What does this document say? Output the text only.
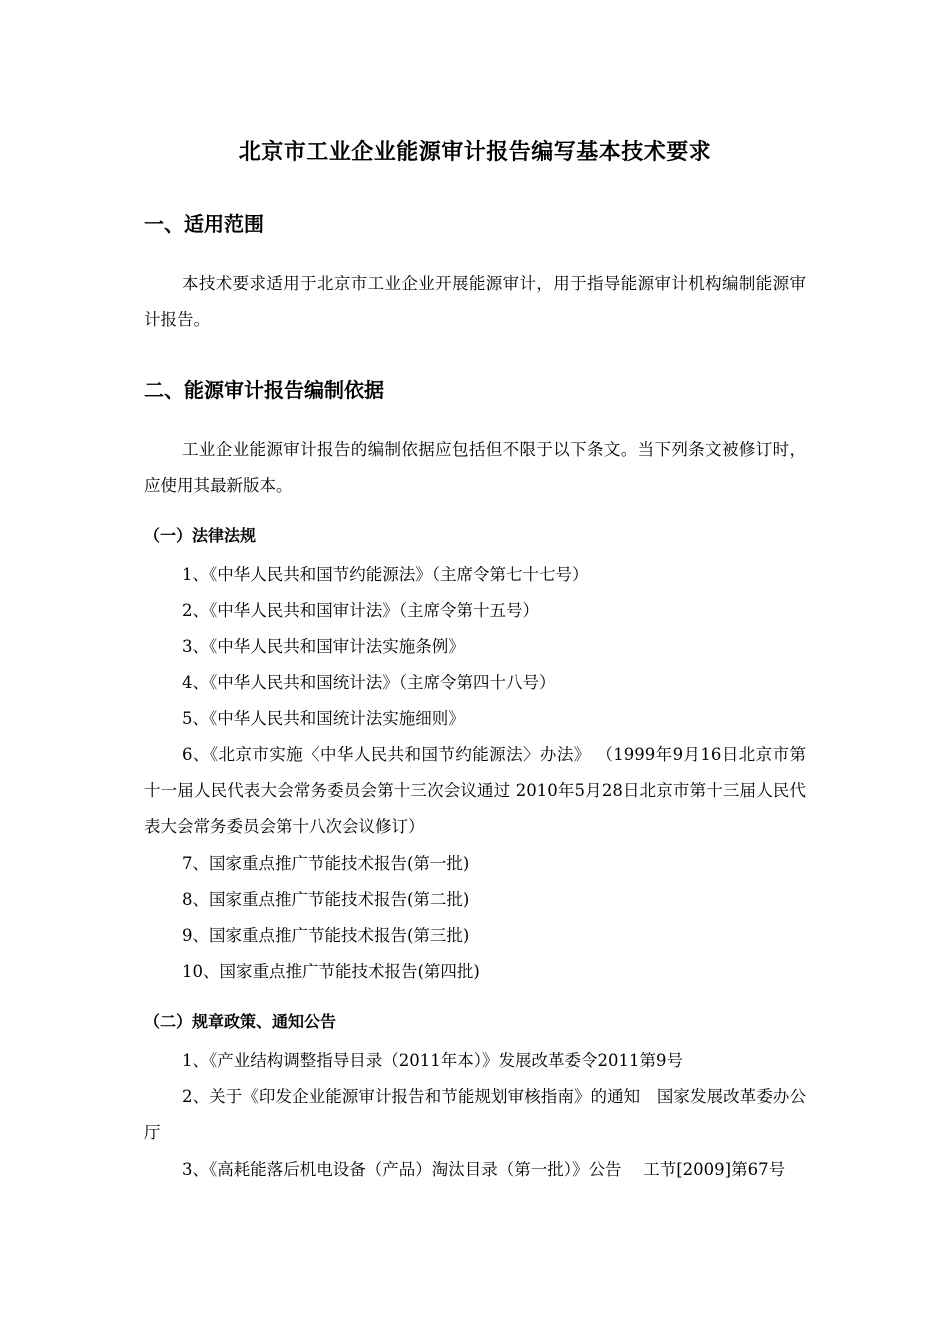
北京市工业企业能源审计报告编写基本技术要求
一、适用范围

本技术要求适用于北京市工业企业开展能源审计，用于指导能源审计机构编制能源审计报告。

二、能源审计报告编制依据

工业企业能源审计报告的编制依据应包括但不限于以下条文。当下列条文被修订时，应使用其最新版本。

（一）法律法规

1、《中华人民共和国节约能源法》（主席令第七十七号）

2、《中华人民共和国审计法》（主席令第十五号）

3、《中华人民共和国审计法实施条例》

4、《中华人民共和国统计法》（主席令第四十八号）

5、《中华人民共和国统计法实施细则》

6、《北京市实施〈中华人民共和国节约能源法〉办法》 （1999年9月16日北京市第十一届人民代表大会常务委员会第十三次会议通过 2010年5月28日北京市第十三届人民代表大会常务委员会第十八次会议修订）

7、国家重点推广节能技术报告(第一批)

8、国家重点推广节能技术报告(第二批)

9、国家重点推广节能技术报告(第三批)

10、国家重点推广节能技术报告(第四批)

（二）规章政策、通知公告

1、《产业结构调整指导目录（2011年本）》发展改革委令2011第9号

2、关于《印发企业能源审计报告和节能规划审核指南》的通知　国家发展改革委办公厅

3、《高耗能落后机电设备（产品）淘汰目录（第一批）》公告　 工节[2009]第67号
